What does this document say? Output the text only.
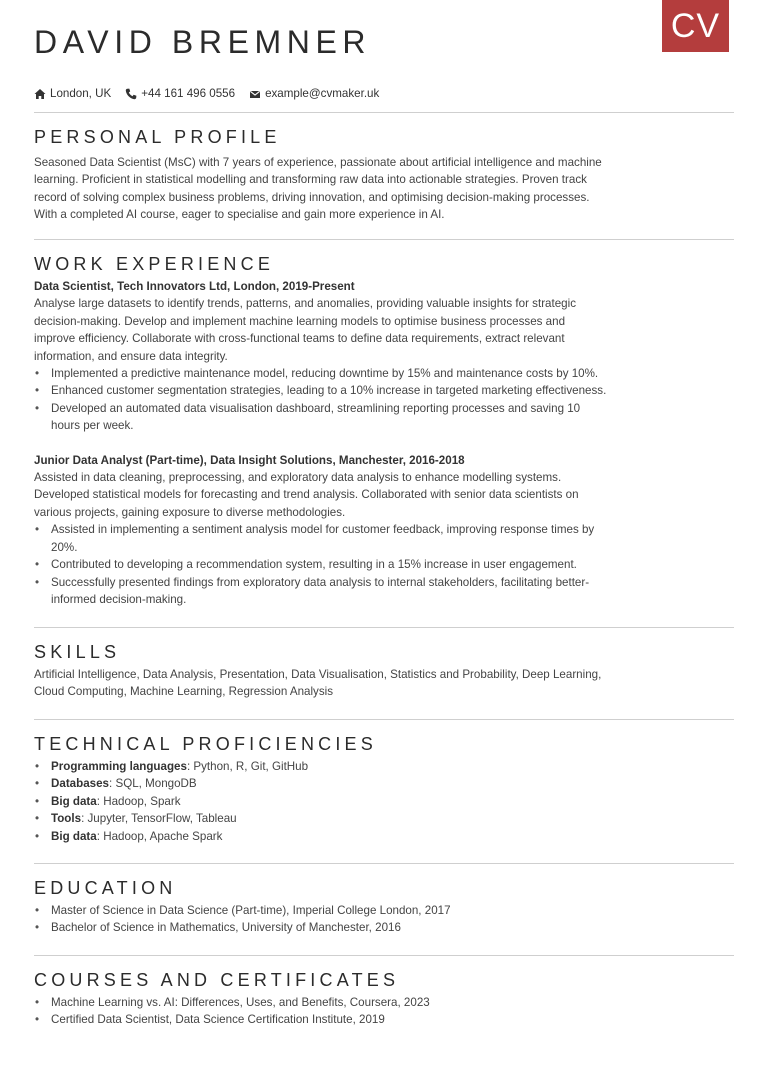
CV
DAVID BREMNER
London, UK	+44 161 496 0556	example@cvmaker.uk
PERSONAL PROFILE

Seasoned Data Scientist (MsC) with 7 years of experience, passionate about artificial intelligence and machine

learning. Proficient in statistical modelling and transforming raw data into actionable strategies. Proven track

record of solving complex business problems, driving innovation, and optimising decision-making processes.

With a completed AI course, eager to specialise and gain more experience in AI.

WORK EXPERIENCE

Data Scientist, Tech Innovators Ltd, London, 2019-Present

Analyse large datasets to identify trends, patterns, and anomalies, providing valuable insights for strategic

decision-making. Develop and implement machine learning models to optimise business processes and

improve efficiency. Collaborate with cross-functional teams to define data requirements, extract relevant

information, and ensure data integrity.

• Implemented a predictive maintenance model, reducing downtime by 15% and maintenance costs by 10%.
• Enhanced customer segmentation strategies, leading to a 10% increase in targeted marketing effectiveness.
• Developed an automated data visualisation dashboard, streamlining reporting processes and saving 10
hours per week.

Junior Data Analyst (Part-time), Data Insight Solutions, Manchester, 2016-2018

Assisted in data cleaning, preprocessing, and exploratory data analysis to enhance modelling systems.

Developed statistical models for forecasting and trend analysis. Collaborated with senior data scientists on

various projects, gaining exposure to diverse methodologies.

• Assisted in implementing a sentiment analysis model for customer feedback, improving response times by
20%.
• Contributed to developing a recommendation system, resulting in a 15% increase in user engagement.
• Successfully presented findings from exploratory data analysis to internal stakeholders, facilitating better-
informed decision-making.
SKILLS

Artificial Intelligence, Data Analysis, Presentation, Data Visualisation, Statistics and Probability, Deep Learning,

Cloud Computing, Machine Learning, Regression Analysis

TECHNICAL PROFICIENCIES
• Programming languages: Python, R, Git, GitHub
• Databases: SQL, MongoDB
• Big data: Hadoop, Spark
• Tools: Jupyter, TensorFlow, Tableau
• Big data: Hadoop, Apache Spark
EDUCATION
• Master of Science in Data Science (Part-time), Imperial College London, 2017
• Bachelor of Science in Mathematics, University of Manchester, 2016
COURSES AND CERTIFICATES
• Machine Learning vs. AI: Differences, Uses, and Benefits, Coursera, 2023
• Certified Data Scientist, Data Science Certification Institute, 2019
